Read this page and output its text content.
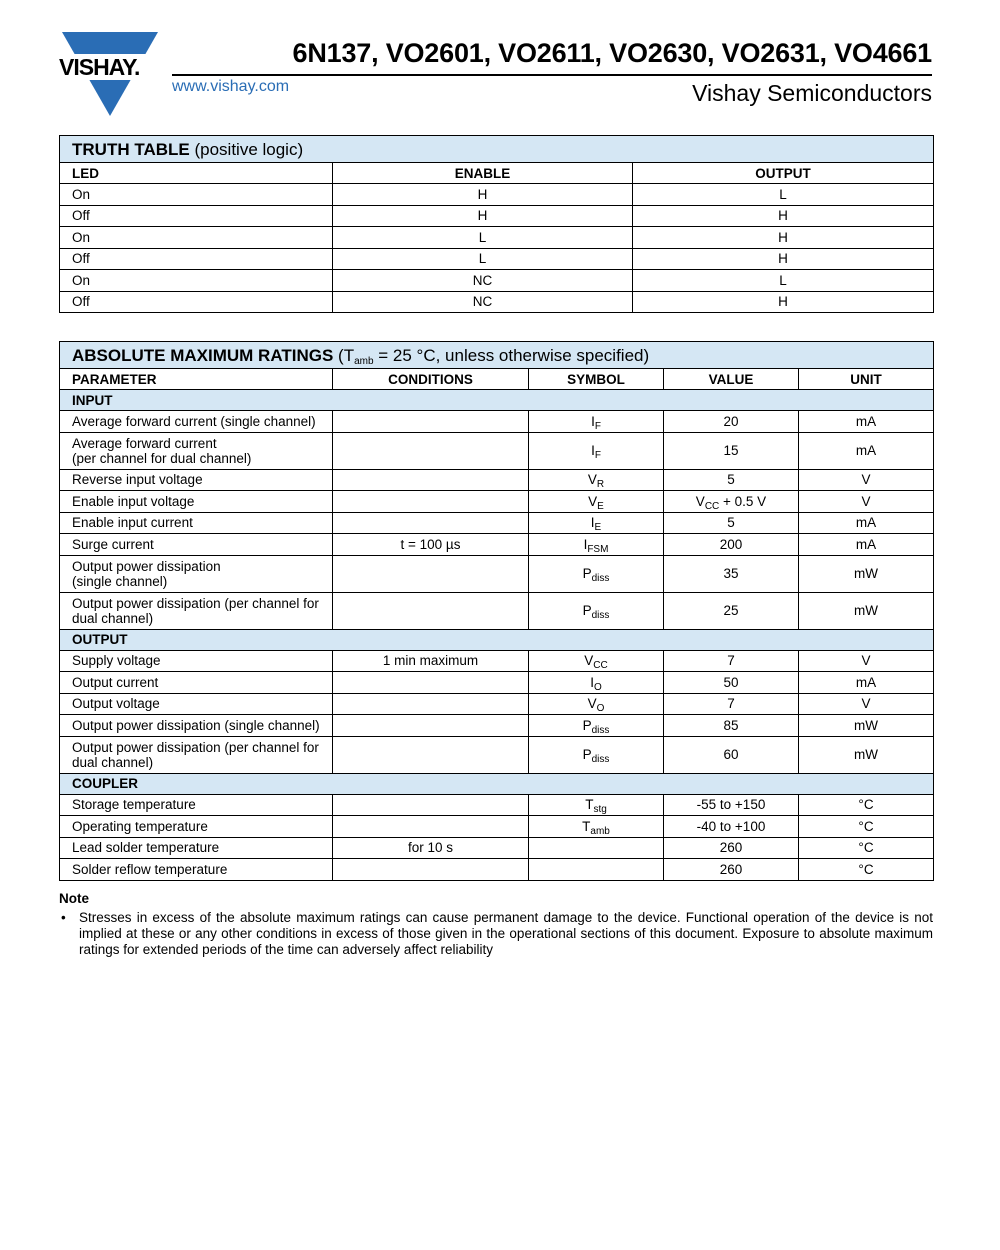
VISHAY.	6N137, VO2601, VO2611, VO2630, VO2631, VO4661
www.vishay.com	Vishay Semiconductors
TRUTH TABLE (positive logic)		
LED	ENABLE	OUTPUT
On	H	L
Off	H	H
On	L	H
Off	L	H
On	NC	L
Off	NC	H
ABSOLUTE MAXIMUM RATINGS ($T_{amb} = 25$ °C, unless otherwise specified)				
PARAMETER	CONDITIONS	SYMBOL	VALUE	UNIT
INPUT				
Average forward current (single channel)		$I_F$	20	mA
Average forward current
(per channel for dual channel)		$I_F$	15	mA
Reverse input voltage		$V_R$	5	V
Enable input voltage		$V_E$	$V_{CC} + 0.5$ V	V
Enable input current		$I_E$	5	mA
Surge current	t = 100 µs	$I_{FSM}$	200	mA
Output power dissipation
(single channel)		$P_{diss}$	35	mW
Output power dissipation (per channel for
dual channel)		$P_{diss}$	25	mW
OUTPUT				
Supply voltage	1 min maximum	$V_{CC}$	7	V
Output current		$I_O$	50	mA
Output voltage		$V_O$	7	V
Output power dissipation (single channel)		$P_{diss}$	85	mW
Output power dissipation (per channel for
dual channel)		$P_{diss}$	60	mW
COUPLER				
Storage temperature		$T_{stg}$	-55 to +150	°C
Operating temperature		$T_{amb}$	-40 to +100	°C
Lead solder temperature	for 10 s		260	°C
Solder reflow temperature			260	°C
Note
• Stresses in excess of the absolute maximum ratings can cause permanent damage to the device. Functional operation of the device is not implied at these or any other conditions in excess of those given in the operational sections of this document. Exposure to absolute maximum ratings for extended periods of the time can adversely affect reliability
